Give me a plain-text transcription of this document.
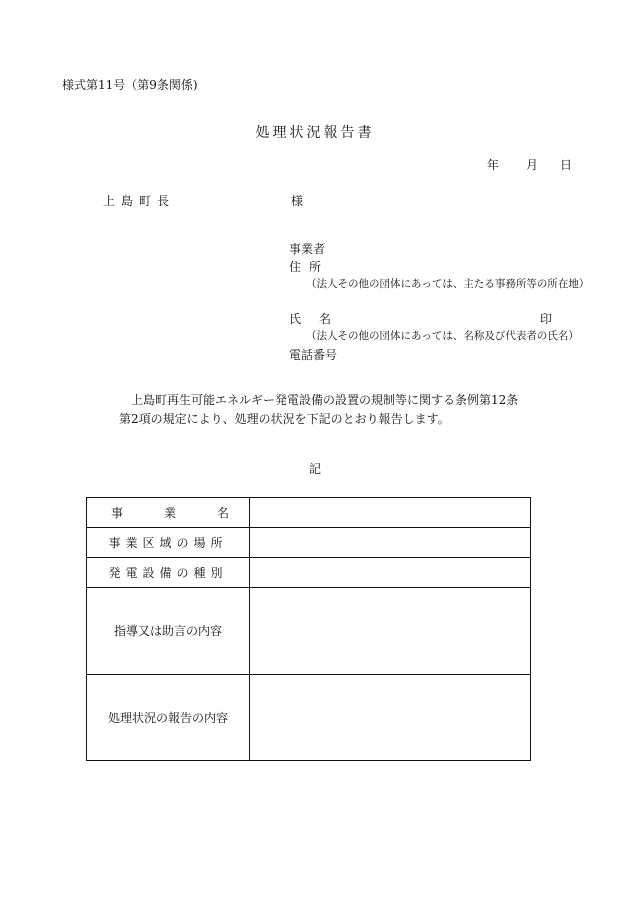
様式第11号（第9条関係)
処理状況報告書
年 月 日
上島町長	様
事業者
住所
（法人その他の団体にあっては、主たる事務所等の所在地）
氏名	印
（法人その他の団体にあっては、名称及び代表者の氏名）
電話番号
上島町再生可能エネルギー発電設備の設置の規制等に関する条例第12条
第2項の規定により、処理の状況を下記のとおり報告します。
記
事 業 名	

事業区域の場所	
発電設備の種別	
指導又は助言の内容	
処理状況の報告の内容	
